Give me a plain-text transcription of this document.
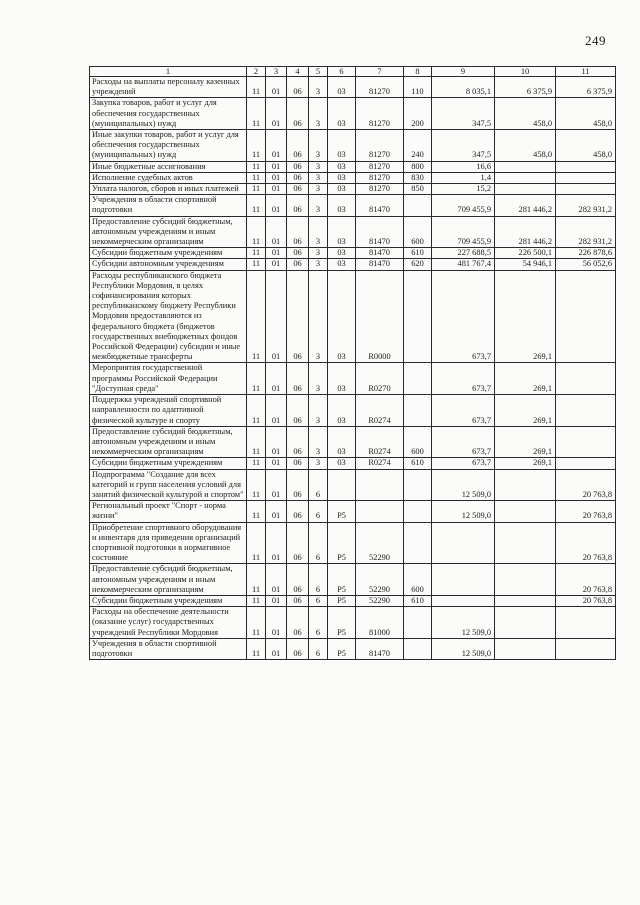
249
1	2	3	4	5	6	7	8	9	10	11
Расходы на выплаты персоналу казенных учреждений	11	01	06	3	03	81270	110	8 035,1	6 375,9	6 375,9
Закупка товаров, работ и услуг для обеспечения государственных (муниципальных) нужд	11	01	06	3	03	81270	200	347,5	458,0	458,0
Иные закупки товаров, работ и услуг для обеспечения государственных (муниципальных) нужд	11	01	06	3	03	81270	240	347,5	458,0	458,0
Иные бюджетные ассигнования	11	01	06	3	03	81270	800	16,6		
Исполнение судебных актов	11	01	06	3	03	81270	830	1,4		
Уплата налогов, сборов и иных платежей	11	01	06	3	03	81270	850	15,2		
Учреждения в области спортивной подготовки	11	01	06	3	03	81470		709 455,9	281 446,2	282 931,2
Предоставление субсидий бюджетным, автономным учреждениям и иным некоммерческим организациям	11	01	06	3	03	81470	600	709 455,9	281 446,2	282 931,2
Субсидии бюджетным учреждениям	11	01	06	3	03	81470	610	227 688,5	226 500,1	226 878,6
Субсидии автономным учреждениям	11	01	06	3	03	81470	620	481 767,4	54 946,1	56 052,6
Расходы республиканского бюджета Республики Мордовия, в целях софинансирования которых республиканскому бюджету Республики Мордовия предоставляются из федерального бюджета (бюджетов государственных внебюджетных фондов Российской Федерации) субсидии и иные межбюджетные трансферты	11	01	06	3	03	R0000		673,7	269,1	
Мероприятия государственной программы Российской Федерации "Доступная среда"	11	01	06	3	03	R0270		673,7	269,1	
Поддержка учреждений спортивной направленности по адаптивной физической культуре и спорту	11	01	06	3	03	R0274		673,7	269,1	
Предоставление субсидий бюджетным, автономным учреждениям и иным некоммерческим организациям	11	01	06	3	03	R0274	600	673,7	269,1	
Субсидии бюджетным учреждениям	11	01	06	3	03	R0274	610	673,7	269,1	
Подпрограмма "Создание для всех категорий и групп населения условий для занятий физической культурой и спортом"	11	01	06	6				12 509,0		20 763,8
Региональный проект "Спорт - норма жизни"	11	01	06	6	P5			12 509,0		20 763,8
Приобретение спортивного оборудования и инвентаря для приведения организаций спортивной подготовки в нормативное состояние	11	01	06	6	P5	52290				20 763,8
Предоставление субсидий бюджетным, автономным учреждениям и иным некоммерческим организациям	11	01	06	6	P5	52290	600			20 763,8
Субсидии бюджетным учреждениям	11	01	06	6	P5	52290	610			20 763,8
Расходы на обеспечение деятельности (оказание услуг) государственных учреждений Республики Мордовия	11	01	06	6	P5	81000		12 509,0		
Учреждения в области спортивной подготовки	11	01	06	6	P5	81470		12 509,0		
